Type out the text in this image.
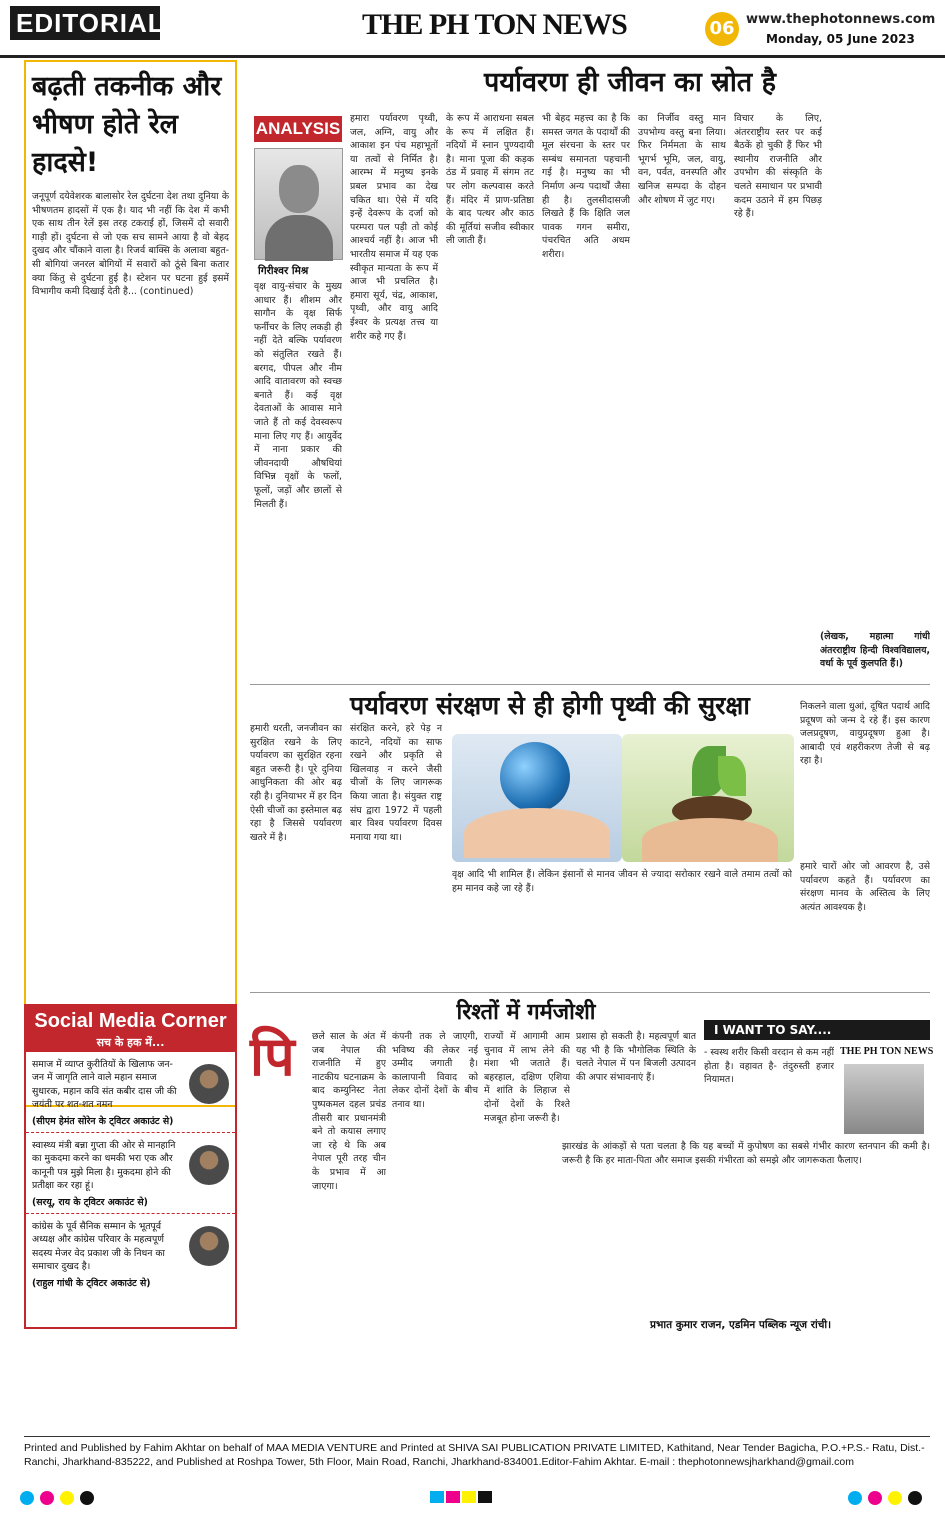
EDITORIAL	THE PH TON NEWS	06 www.thephotonnews.com
Monday, 05 June 2023
बढ़ती तकनीक और भीषण होते रेल हादसे!
जनूपूर्ण दयेवेशरक बालासोर रेल दुर्घटना देश तथा दुनिया के भीषणतम हादसों में एक है। याद भी नहीं कि देश में कभी एक साथ तीन रेलें इस तरह टकराई हों, जिसमें दो सवारी गाड़ी हों। दुर्घटना से जो एक सच सामने आया है वो बेहद दुखद और चौंकाने वाला है। रिजर्व बाक्सि के अलावा बहुत-सी बोगियां जनरल बोगियों में सवारों को ठूंसे बिना कतार क्या किंतु से दुर्घटना हुई है। स्टेशन पर घटना हुई इसमें विभागीय कमी दिखाई देती है... (continued)
ANALYSIS
गिरीश्वर मिश्र
पर्यावरण ही जीवन का स्रोत है
वृक्ष वायु-संचार के मुख्य आधार हैं। शीशम और सागौन के वृक्ष सिर्फ फर्नीचर के लिए लकड़ी ही नहीं देते बल्कि पर्यावरण को संतुलित रखते हैं। बरगद, पीपल और नीम आदि वातावरण को स्वच्छ बनाते हैं। कई वृक्ष देवताओं के आवास माने जाते हैं तो कई देवस्वरूप माना लिए गए हैं। आयुर्वेद में नाना प्रकार की जीवनदायी औषधियां विभिन्न वृक्षों के फलों, फूलों, जड़ों और छालों से मिलती हैं।
हमारा पर्यावरण पृथ्वी, जल, अग्नि, वायु और आकाश इन पंच महाभूतों या तत्वों से निर्मित है। आरम्भ में मनुष्य इनके प्रबल प्रभाव का देख चकित था। ऐसे में यदि इन्हें देवरूप के दर्जा को परम्परा पल पड़ी तो कोई आश्चर्य नहीं है। आज भी भारतीय समाज में यह एक स्वीकृत मान्यता के रूप में आज भी प्रचलित है। हमारा सूर्य, चंद्र, आकाश, पृथ्वी, और वायु आदि ईश्वर के प्रत्यक्ष तत्त्व या शरीर कहे गए हैं।
के रूप में आराधना सबल के रूप में लक्षित हैं। नदियों में स्नान पुण्यदायी है। माना पूजा की कड़क ठंड में प्रवाह में संगम तट पर लोग कल्पवास करते हैं। मंदिर में प्राण-प्रतिष्ठा के बाद पत्थर और काठ की मूर्तियां सजीव स्वीकार ली जाती हैं।
भी बेहद महत्त्व का है कि समस्त जगत के पदार्थों की मूल संरचना के स्तर पर सम्बंध समानता पहचानी गई है। मनुष्य का भी निर्माण अन्य पदार्थों जैसा ही है। तुलसीदासजी लिखते हैं कि क्षिति जल पावक गगन समीरा, पंचरचित अति अधम शरीरा।
का निर्जीव वस्तु मान उपभोग्य वस्तु बना लिया। फिर निर्ममता के साथ भूगर्भ भूमि, जल, वायु, वन, पर्वत, वनस्पति और खनिज सम्पदा के दोहन और शोषण में जुट गए।
विचार के लिए, अंतरराष्ट्रीय स्तर पर कई बैठकें हो चुकी हैं फिर भी स्थानीय राजनीति और उपभोग की संस्कृति के चलते समाधान पर प्रभावी कदम उठाने में हम पिछड़ रहे हैं।
(लेखक, महात्मा गांधी अंतरराष्ट्रीय हिन्दी विश्वविद्यालय, वर्धा के पूर्व कुलपति हैं।)
पर्यावरण संरक्षण से ही होगी पृथ्वी की सुरक्षा
हमारी धरती, जनजीवन का सुरक्षित रखने के लिए पर्यावरण का सुरक्षित रहना बहुत जरूरी है। पूरे दुनिया आधुनिकता की ओर बढ़ रही है। दुनियाभर में हर दिन ऐसी चीजों का इस्तेमाल बढ़ रहा है जिससे पर्यावरण खतरे में है।
संरक्षित करने, हरे पेड़ न काटने, नदियों का साफ रखने और प्रकृति से खिलवाड़ न करने जैसी चीजों के लिए जागरूक किया जाता है। संयुक्त राष्ट्र संघ द्वारा 1972 में पहली बार विश्व पर्यावरण दिवस मनाया गया था।
वृक्ष आदि भी शामिल हैं। लेकिन इंसानों से मानव जीवन से ज्यादा सरोकार रखने वाले तमाम तत्वों को हम मानव कहे जा रहे हैं।
निकलने वाला धुआं, दूषित पदार्थ आदि प्रदूषण को जन्म दे रहे हैं। इस कारण जलप्रदूषण, वायुप्रदूषण हुआ है। आबादी एवं शहरीकरण तेजी से बढ़ रहा है।
हमारे चारों ओर जो आवरण है, उसे पर्यावरण कहते हैं। पर्यावरण का संरक्षण मानव के अस्तित्व के लिए अत्यंत आवश्यक है।
Social Media Corner
सच के हक में...
समाज में व्याप्त कुरीतियों के खिलाफ जन-जन में जागृति लाने वाले महान समाज सुधारक, महान कवि संत कबीर दास जी की जयंती पर शत-शत नमन
(सीएम हेमंत सोरेन के ट्विटर अकाउंट से)
स्वास्थ्य मंत्री बन्ना गुप्ता की ओर से मानहानि का मुकदमा करने का धमकी भरा एक और कानूनी पत्र मुझे मिला है। मुकदमा होने की प्रतीक्षा कर रहा हूं।
(सरयू, राय के ट्विटर अकाउंट से)
कांग्रेस के पूर्व सैनिक सम्मान के भूतपूर्व अध्यक्ष और कांग्रेस परिवार के महत्वपूर्ण सदस्य मेजर वेद प्रकाश जी के निधन का समाचार दुखद है।
(राहुल गांधी के ट्विटर अकाउंट से)
रिश्तों में गर्मजोशी
पि छले साल के अंत में जब नेपाल की राजनीति में हुए नाटकीय घटनाक्रम के बाद कम्युनिस्ट नेता पुष्पकमल दहल प्रचंड तीसरी बार प्रधानमंत्री बने तो कयास लगाए जा रहे थे कि अब नेपाल पूरी तरह चीन के प्रभाव में आ जाएगा।
कंपनी तक ले जाएगी, भविष्य की लेकर नई उम्मीद जगाती है। कालापानी विवाद को लेकर दोनों देशों के बीच तनाव था।
राज्यों में आगामी आम चुनाव में लाभ लेने की मंशा भी जताते हैं। बहरहाल, दक्षिण एशिया में शांति के लिहाज से दोनों देशों के रिश्ते मजबूत होना जरूरी है।
प्रशास हो सकती है। महत्वपूर्ण बात यह भी है कि भौगोलिक स्थिति के चलते नेपाल में पन बिजली उत्पादन की अपार संभावनाएं हैं।
I WANT TO SAY....
- स्वस्थ शरीर किसी वरदान से कम नहीं होता है। वहावत है- तंदुरुस्ती हजार नियामत।
THE PH TON NEWS
झारखंड के आंकड़ों से पता चलता है कि यह बच्चों में कुपोषण का सबसे गंभीर कारण स्तनपान की कमी है। जरूरी है कि हर माता-पिता और समाज इसकी गंभीरता को समझे और जागरूकता फैलाए।
प्रभात कुमार राजन, एडमिन पब्लिक न्यूज रांची।
Printed and Published by Fahim Akhtar on behalf of MAA MEDIA VENTURE and Printed at SHIVA SAI PUBLICATION PRIVATE LIMITED, Kathitand, Near Tender Bagicha, P.O.+P.S.- Ratu, Dist.-Ranchi, Jharkhand-835222, and Published at Roshpa Tower, 5th Floor, Main Road, Ranchi, Jharkhand-834001.Editor-Fahim Akhtar. E-mail : thephotonnewsjharkhand@gmail.com
